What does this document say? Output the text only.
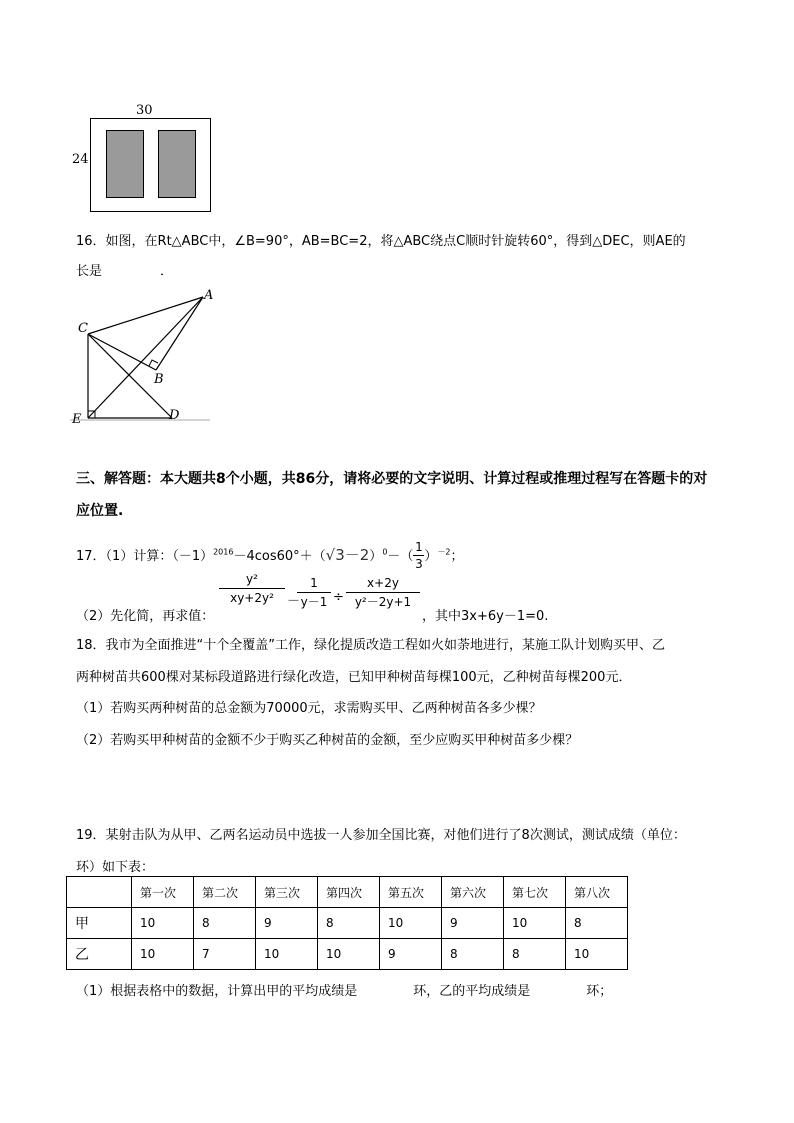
30
24
16．如图，在Rt△ABC中，∠B=90°，AB=BC=2，将△ABC绕点C顺时针旋转60°，得到△DEC，则AE的
长是	．
C
A
B
E	D
三、解答题：本大题共8个小题，共86分，请将必要的文字说明、计算过程或推理过程写在答题卡的对
应位置.
17．（1）计算：$(-1)^{2016}-4\cos 60^\circ+(√3-2)^0-( \frac{1}{3} )^{-2}$；
（2）先化简，再求值：
y²
xy+2y²	－
1
y－1 ÷
x+2y
y²－2y+1
，其中3x+6y－1=0.
18．我市为全面推进“十个全覆盖”工作，绿化提质改造工程如火如荼地进行，某施工队计划购买甲、乙
两种树苗共600棵对某标段道路进行绿化改造，已知甲种树苗每棵100元，乙种树苗每棵200元．
（1）若购买两种树苗的总金额为70000元，求需购买甲、乙两种树苗各多少棵？
（2）若购买甲种树苗的金额不少于购买乙种树苗的金额，至少应购买甲种树苗多少棵？
19．某射击队为从甲、乙两名运动员中选拔一人参加全国比赛，对他们进行了8次测试，测试成绩（单位：
环）如下表：
	第一次	第二次	第三次	第四次	第五次	第六次	第七次	第八次
甲	10	8	9	8	10	9	10	8
乙	10	7	10	10	9	8	8	10
（1）根据表格中的数据，计算出甲的平均成绩是	环，乙的平均成绩是	环；
